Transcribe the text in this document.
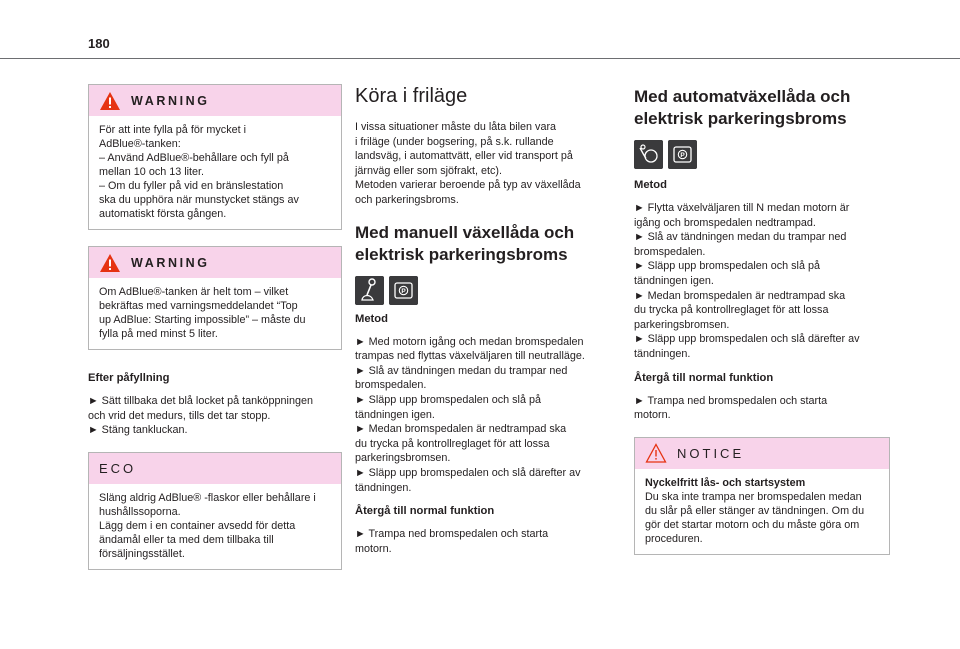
180
WARNING

För att inte fylla på för mycket i

AdBlue®-tanken:

– Använd AdBlue®-behållare och fyll på

mellan 10 och 13 liter.

– Om du fyller på vid en bränslestation

ska du upphöra när munstycket stängs av

automatiskt första gången.

WARNING

Om AdBlue®-tanken är helt tom – vilket

bekräftas med varningsmeddelandet “Top

up AdBlue: Starting impossible” – måste du

fylla på med minst 5 liter.

Efter påfyllning

► Sätt tillbaka det blå locket på tanköppningen

och vrid det medurs, tills det tar stopp.

► Stäng tankluckan.

ECO

Släng aldrig AdBlue® -flaskor eller behållare i

hushållssoporna.

Lägg dem i en container avsedd för detta

ändamål eller ta med dem tillbaka till

försäljningsstället.

Köra i friläge

I vissa situationer måste du låta bilen vara

i friläge (under bogsering, på s.k. rullande

landsväg, i automattvätt, eller vid transport på

järnväg eller som sjöfrakt, etc).

Metoden varierar beroende på typ av växellåda

och parkeringsbroms.

Med manuell växellåda och
elektrisk parkeringsbroms
P
Metod

► Med motorn igång och medan bromspedalen

trampas ned flyttas växelväljaren till neutralläge.

► Slå av tändningen medan du trampar ned

bromspedalen.

► Släpp upp bromspedalen och slå på

tändningen igen.

► Medan bromspedalen är nedtrampad ska

du trycka på kontrollreglaget för att lossa

parkeringsbromsen.

► Släpp upp bromspedalen och slå därefter av

tändningen.

Återgå till normal funktion

► Trampa ned bromspedalen och starta

motorn.

Med automatväxellåda och
elektrisk parkeringsbroms
P
Metod

► Flytta växelväljaren till N medan motorn är

igång och bromspedalen nedtrampad.

► Slå av tändningen medan du trampar ned

bromspedalen.

► Släpp upp bromspedalen och slå på

tändningen igen.

► Medan bromspedalen är nedtrampad ska

du trycka på kontrollreglaget för att lossa

parkeringsbromsen.

► Släpp upp bromspedalen och slå därefter av

tändningen.

Återgå till normal funktion

► Trampa ned bromspedalen och starta

motorn.

NOTICE

Nyckelfritt lås- och startsystem

Du ska inte trampa ner bromspedalen medan

du slår på eller stänger av tändningen. Om du

gör det startar motorn och du måste göra om

proceduren.
